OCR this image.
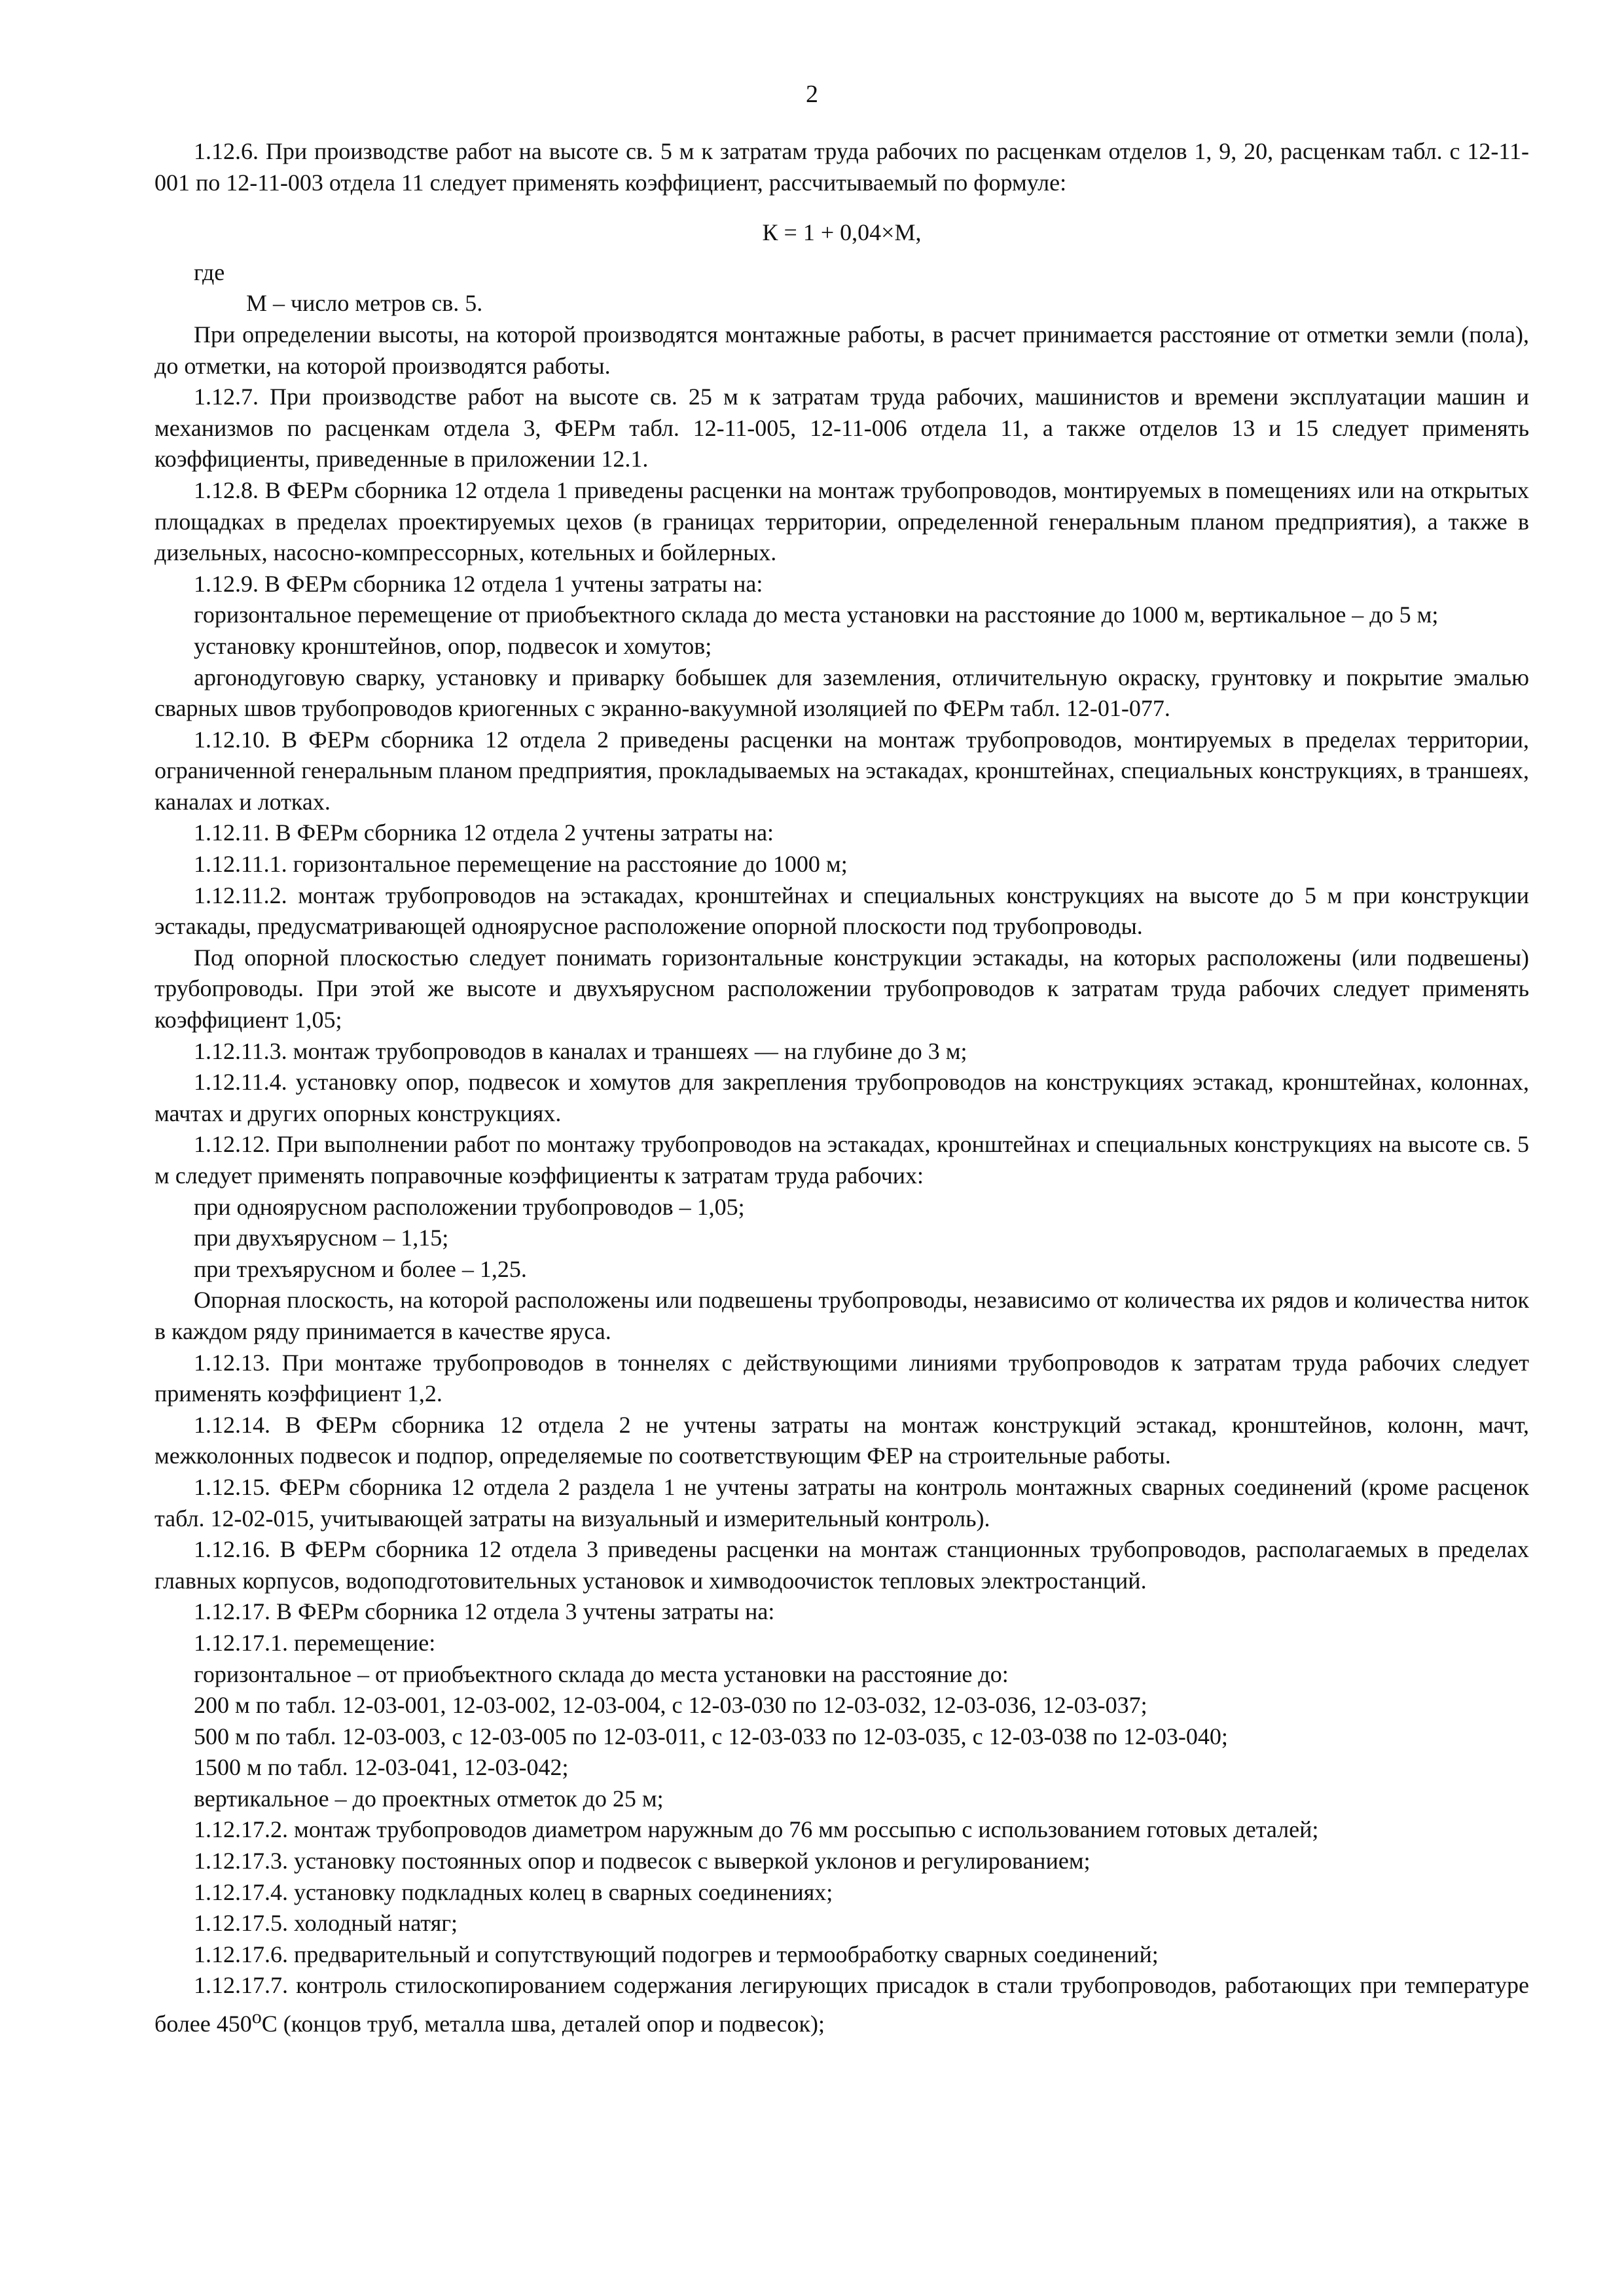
2

1.12.6. При производстве работ на высоте св. 5 м к затратам труда рабочих по расценкам отделов 1, 9, 20, расценкам табл. с 12-11-001 по 12-11-003 отдела 11 следует применять коэффициент, рассчитываемый по формуле:

К = 1 + 0,04×М,

где

М – число метров св. 5.

При определении высоты, на которой производятся монтажные работы, в расчет принимается расстояние от отметки земли (пола), до отметки, на которой производятся работы.

1.12.7. При производстве работ на высоте св. 25 м к затратам труда рабочих, машинистов и времени эксплуатации машин и механизмов по расценкам отдела 3, ФЕРм табл. 12-11-005, 12-11-006 отдела 11, а также отделов 13 и 15 следует применять коэффициенты, приведенные в приложении 12.1.

1.12.8. В ФЕРм сборника 12 отдела 1 приведены расценки на монтаж трубопроводов, монтируемых в помещениях или на открытых площадках в пределах проектируемых цехов (в границах территории, определенной генеральным планом предприятия), а также в дизельных, насосно-компрессорных, котельных и бойлерных.

1.12.9. В ФЕРм сборника 12 отдела 1 учтены затраты на:

горизонтальное перемещение от приобъектного склада до места установки на расстояние до 1000 м, вертикальное – до 5 м;

установку кронштейнов, опор, подвесок и хомутов;

аргонодуговую сварку, установку и приварку бобышек для заземления, отличительную окраску, грунтовку и покрытие эмалью сварных швов трубопроводов криогенных с экранно-вакуумной изоляцией по ФЕРм табл. 12-01-077.

1.12.10. В ФЕРм сборника 12 отдела 2 приведены расценки на монтаж трубопроводов, монтируемых в пределах территории, ограниченной генеральным планом предприятия, прокладываемых на эстакадах, кронштейнах, специальных конструкциях, в траншеях, каналах и лотках.

1.12.11. В ФЕРм сборника 12 отдела 2 учтены затраты на:

1.12.11.1. горизонтальное перемещение на расстояние до 1000 м;

1.12.11.2. монтаж трубопроводов на эстакадах, кронштейнах и специальных конструкциях на высоте до 5 м при конструкции эстакады, предусматривающей одноярусное расположение опорной плоскости под трубопроводы.

Под опорной плоскостью следует понимать горизонтальные конструкции эстакады, на которых расположены (или подвешены) трубопроводы. При этой же высоте и двухъярусном расположении трубопроводов к затратам труда рабочих следует применять коэффициент 1,05;

1.12.11.3. монтаж трубопроводов в каналах и траншеях — на глубине до 3 м;

1.12.11.4. установку опор, подвесок и хомутов для закрепления трубопроводов на конструкциях эстакад, кронштейнах, колоннах, мачтах и других опорных конструкциях.

1.12.12. При выполнении работ по монтажу трубопроводов на эстакадах, кронштейнах и специальных конструкциях на высоте св. 5 м следует применять поправочные коэффициенты к затратам труда рабочих:

при одноярусном расположении трубопроводов – 1,05;

при двухъярусном – 1,15;

при трехъярусном и более – 1,25.

Опорная плоскость, на которой расположены или подвешены трубопроводы, независимо от количества их рядов и количества ниток в каждом ряду принимается в качестве яруса.

1.12.13. При монтаже трубопроводов в тоннелях с действующими линиями трубопроводов к затратам труда рабочих следует применять коэффициент 1,2.

1.12.14. В ФЕРм сборника 12 отдела 2 не учтены затраты на монтаж конструкций эстакад, кронштейнов, колонн, мачт, межколонных подвесок и подпор, определяемые по соответствующим ФЕР на строительные работы.

1.12.15. ФЕРм сборника 12 отдела 2 раздела 1 не учтены затраты на контроль монтажных сварных соединений (кроме расценок табл. 12-02-015, учитывающей затраты на визуальный и измерительный контроль).

1.12.16. В ФЕРм сборника 12 отдела 3 приведены расценки на монтаж станционных трубопроводов, располагаемых в пределах главных корпусов, водоподготовительных установок и химводоочисток тепловых электростанций.

1.12.17. В ФЕРм сборника 12 отдела 3 учтены затраты на:

1.12.17.1. перемещение:

горизонтальное – от приобъектного склада до места установки на расстояние до:

200 м по табл. 12-03-001, 12-03-002, 12-03-004, с 12-03-030 по 12-03-032, 12-03-036, 12-03-037;

500 м по табл. 12-03-003, с 12-03-005 по 12-03-011, с 12-03-033 по 12-03-035, с 12-03-038 по 12-03-040;

1500 м по табл. 12-03-041, 12-03-042;

вертикальное – до проектных отметок до 25 м;

1.12.17.2. монтаж трубопроводов диаметром наружным до 76 мм россыпью с использованием готовых деталей;

1.12.17.3. установку постоянных опор и подвесок с выверкой уклонов и регулированием;

1.12.17.4. установку подкладных колец в сварных соединениях;

1.12.17.5. холодный натяг;

1.12.17.6. предварительный и сопутствующий подогрев и термообработку сварных соединений;

1.12.17.7. контроль стилоскопированием содержания легирующих присадок в стали трубопроводов, работающих при температуре более $450^оС$ (концов труб, металла шва, деталей опор и подвесок);
